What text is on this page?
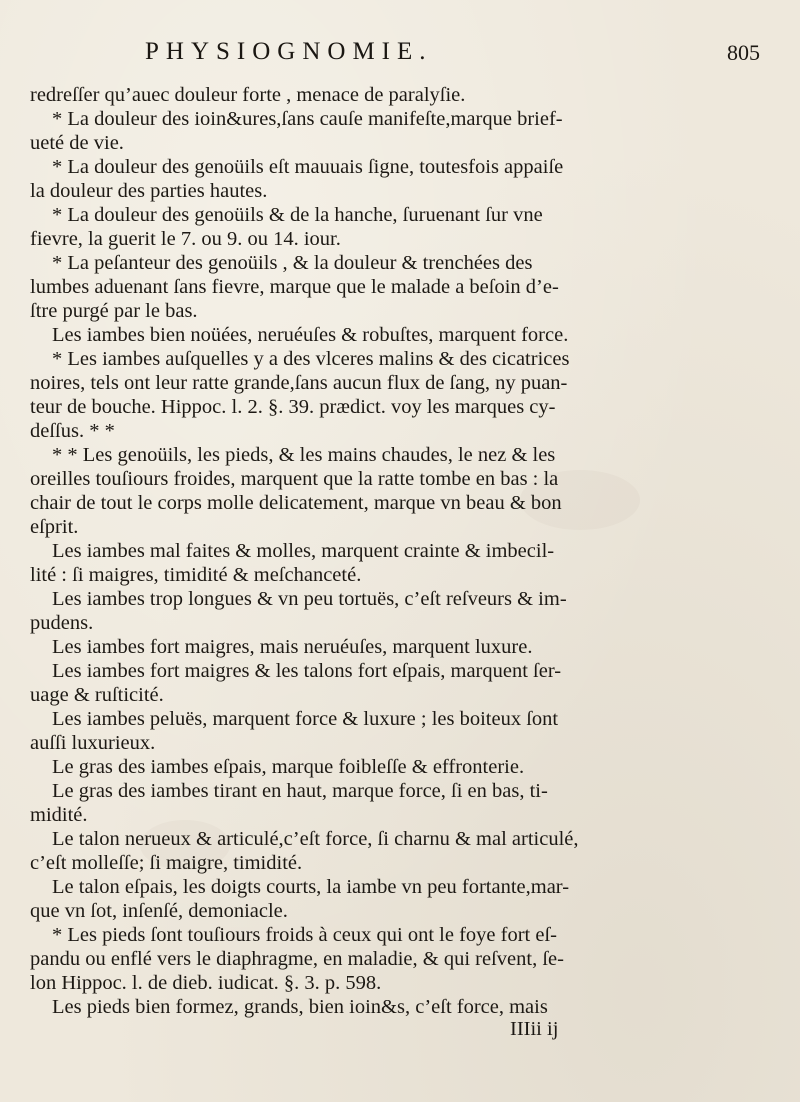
PHYSIOGNOMIE.	805
redreſſer qu’auec douleur forte , menace de paralyſie.
* La douleur des ioin&ures,ſans cauſe manifeſte,marque brief-
ueté de vie.
* La douleur des genoüils eſt mauuais ſigne, toutesfois appaiſe
la douleur des parties hautes.
* La douleur des genoüils & de la hanche, ſuruenant ſur vne
fievre, la guerit le 7. ou 9. ou 14. iour.
* La peſanteur des genoüils , & la douleur & trenchées des
lumbes aduenant ſans fievre, marque que le malade a beſoin d’e-
ſtre purgé par le bas.
Les iambes bien noüées, neruéuſes & robuſtes, marquent force.
* Les iambes auſquelles y a des vlceres malins & des cicatrices
noires, tels ont leur ratte grande,ſans aucun flux de ſang, ny puan-
teur de bouche. Hippoc. l. 2. §. 39. prædict. voy les marques cy-
deſſus. * *
* * Les genoüils, les pieds, & les mains chaudes, le nez & les
oreilles touſiours froides, marquent que la ratte tombe en bas : la
chair de tout le corps molle delicatement, marque vn beau & bon
eſprit.
Les iambes mal faites & molles, marquent crainte & imbecil-
lité : ſi maigres, timidité & meſchanceté.
Les iambes trop longues & vn peu tortuës, c’eſt reſveurs & im-
pudens.
Les iambes fort maigres, mais neruéuſes, marquent luxure.
Les iambes fort maigres & les talons fort eſpais, marquent ſer-
uage & ruſticité.
Les iambes peluës, marquent force & luxure ; les boiteux ſont
auſſi luxurieux.
Le gras des iambes eſpais, marque foibleſſe & effronterie.
Le gras des iambes tirant en haut, marque force, ſi en bas, ti-
midité.
Le talon nerueux & articulé,c’eſt force, ſi charnu & mal articulé,
c’eſt molleſſe; ſi maigre, timidité.
Le talon eſpais, les doigts courts, la iambe vn peu fortante,mar-
que vn ſot, inſenſé, demoniacle.
* Les pieds ſont touſiours froids à ceux qui ont le foye fort eſ-
pandu ou enflé vers le diaphragme, en maladie, & qui reſvent, ſe-
lon Hippoc. l. de dieb. iudicat. §. 3. p. 598.
Les pieds bien formez, grands, bien ioin&s, c’eſt force, mais
IIIii ij
